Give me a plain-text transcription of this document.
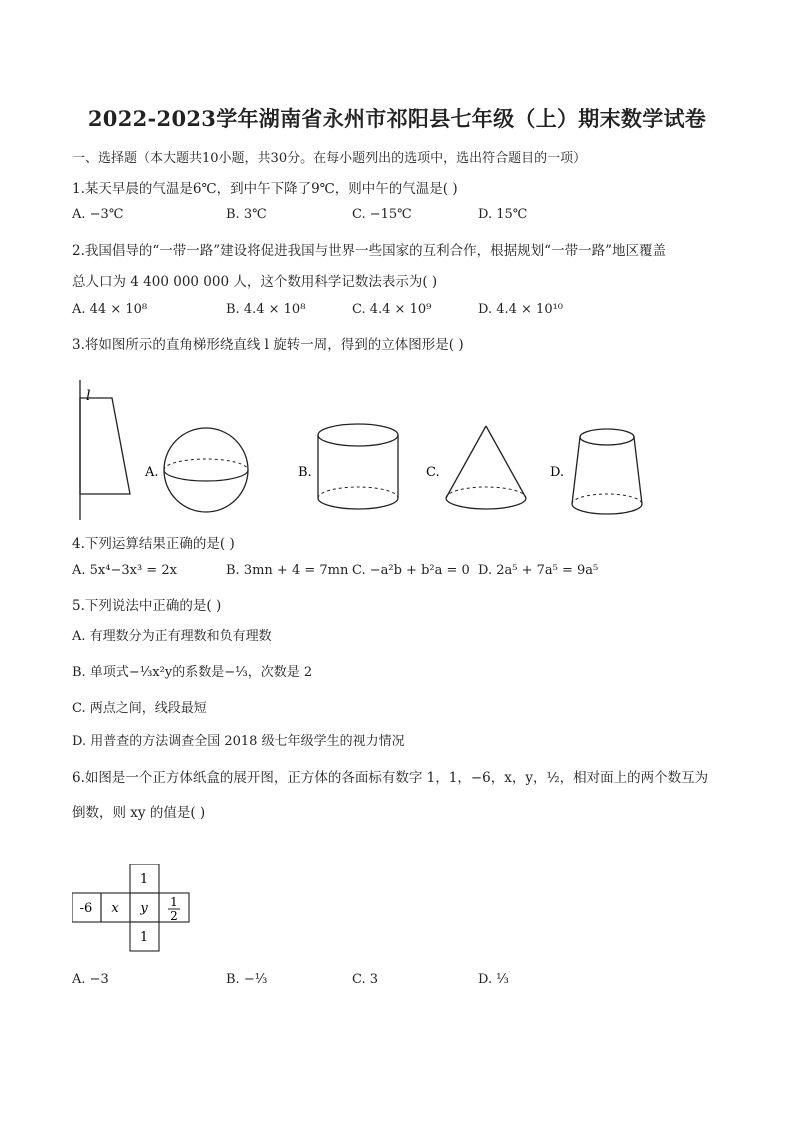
2022-2023学年湖南省永州市祁阳县七年级（上）期末数学试卷
一、选择题（本大题共10小题，共30分。在每小题列出的选项中，选出符合题目的一项）
1.某天早晨的气温是6℃，到中午下降了9℃，则中午的气温是( )
A. −3℃	B. 3℃	C. −15℃	D. 15℃
2.我国倡导的“一带一路”建设将促进我国与世界一些国家的互利合作，根据规划“一带一路”地区覆盖
总人口为 4 400 000 000 人，这个数用科学记数法表示为( )
A. 44 × 10⁸	B. 4.4 × 10⁸	C. 4.4 × 10⁹	D. 4.4 × 10¹⁰
3.将如图所示的直角梯形绕直线 l 旋转一周，得到的立体图形是( )
l
A.	B.	C.	D.
4.下列运算结果正确的是( )
A. 5x⁴−3x³ = 2x	B. 3mn + 4 = 7mn C. −a²b + b²a = 0 D. 2a⁵ + 7a⁵ = 9a⁵
5.下列说法中正确的是( )
A. 有理数分为正有理数和负有理数
B. 单项式−⅓x²y的系数是−⅓，次数是 2
C. 两点之间，线段最短
D. 用普查的方法调查全国 2018 级七年级学生的视力情况
6.如图是一个正方体纸盒的展开图，正方体的各面标有数字 1，1，−6，x，y，½，相对面上的两个数互为
倒数，则 xy 的值是( )
1
-6 x y
1
1
2
A. −3	B. −⅓	C. 3	D. ⅓
